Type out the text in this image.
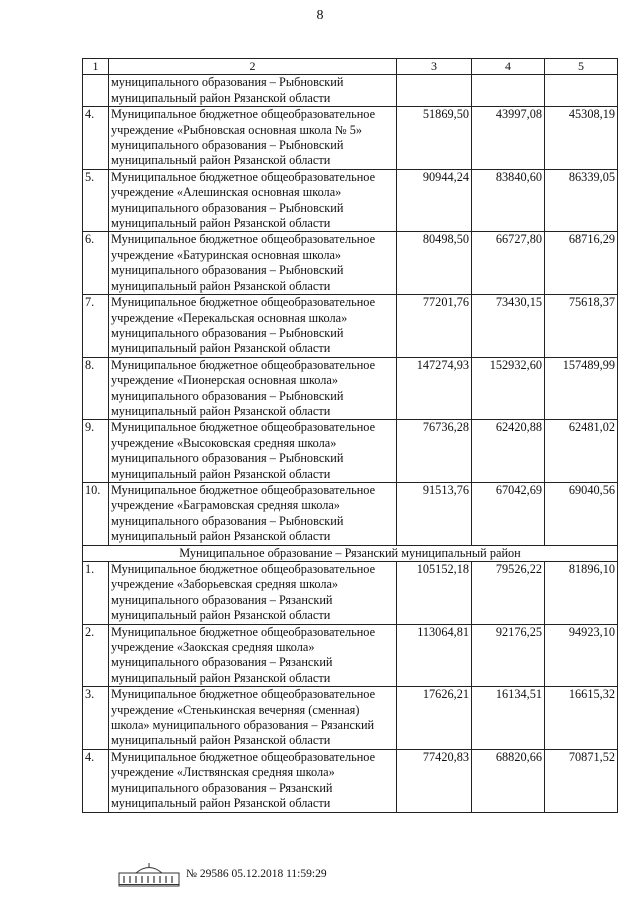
8
1	2	3	4	5
	муниципального образования – Рыбновский муниципальный район Рязанской области			
4.	Муниципальное бюджетное общеобразовательное учреждение «Рыбновская основная школа № 5» муниципального образования – Рыбновский муниципальный район Рязанской области	51869,50	43997,08	45308,19
5.	Муниципальное бюджетное общеобразовательное учреждение «Алешинская основная школа» муниципального образования – Рыбновский муниципальный район Рязанской области	90944,24	83840,60	86339,05
6.	Муниципальное бюджетное общеобразовательное учреждение «Батуринская основная школа» муниципального образования – Рыбновский муниципальный район Рязанской области	80498,50	66727,80	68716,29
7.	Муниципальное бюджетное общеобразовательное учреждение «Перекальская основная школа» муниципального образования – Рыбновский муниципальный район Рязанской области	77201,76	73430,15	75618,37
8.	Муниципальное бюджетное общеобразовательное учреждение «Пионерская основная школа» муниципального образования – Рыбновский муниципальный район Рязанской области	147274,93	152932,60	157489,99
9.	Муниципальное бюджетное общеобразовательное учреждение «Высоковская средняя школа» муниципального образования – Рыбновский муниципальный район Рязанской области	76736,28	62420,88	62481,02
10.	Муниципальное бюджетное общеобразовательное учреждение «Баграмовская средняя школа» муниципального образования – Рыбновский муниципальный район Рязанской области	91513,76	67042,69	69040,56
Муниципальное образование – Рязанский муниципальный район				
1.	Муниципальное бюджетное общеобразовательное учреждение «Заборьевская средняя школа» муниципального образования – Рязанский муниципальный район Рязанской области	105152,18	79526,22	81896,10
2.	Муниципальное бюджетное общеобразовательное учреждение «Заокская средняя школа» муниципального образования – Рязанский муниципальный район Рязанской области	113064,81	92176,25	94923,10
3.	Муниципальное бюджетное общеобразовательное учреждение «Стенькинская вечерняя (сменная) школа» муниципального образования – Рязанский муниципальный район Рязанской области	17626,21	16134,51	16615,32
4.	Муниципальное бюджетное общеобразовательное учреждение «Листвянская средняя школа» муниципального образования – Рязанский муниципальный район Рязанской области	77420,83	68820,66	70871,52
№ 29586 05.12.2018 11:59:29
